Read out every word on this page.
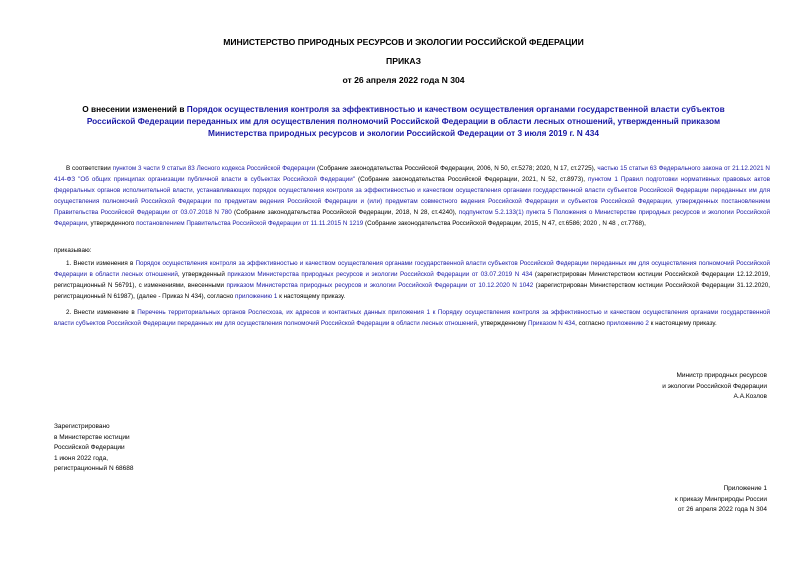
МИНИСТЕРСТВО ПРИРОДНЫХ РЕСУРСОВ И ЭКОЛОГИИ РОССИЙСКОЙ ФЕДЕРАЦИИ
ПРИКАЗ
от 26 апреля 2022 года N 304
О внесении изменений в Порядок осуществления контроля за эффективностью и качеством осуществления органами государственной власти субъектов Российской Федерации переданных им для осуществления полномочий Российской Федерации в области лесных отношений, утвержденный приказом Министерства природных ресурсов и экологии Российской Федерации от 3 июля 2019 г. N 434
В соответствии пунктом 3 части 9 статьи 83 Лесного кодекса Российской Федерации (Собрание законодательства Российской Федерации, 2006, N 50, ст.5278; 2020, N 17, ст.2725), частью 15 статьи 63 Федерального закона от 21.12.2021 N 414-ФЗ "Об общих принципах организации публичной власти в субъектах Российской Федерации" (Собрание законодательства Российской Федерации, 2021, N 52, ст.8973), пунктом 1 Правил подготовки нормативных правовых актов федеральных органов исполнительной власти, устанавливающих порядок осуществления контроля за эффективностью и качеством осуществления органами государственной власти субъектов Российской Федерации переданных им для осуществления полномочий Российской Федерации по предметам ведения Российской Федерации и (или) предметам совместного ведения Российской Федерации и субъектов Российской Федерации, утвержденных постановлением Правительства Российской Федерации от 03.07.2018 N 780 (Собрание законодательства Российской Федерации, 2018, N 28, ст.4240), подпунктом 5.2.133(1) пункта 5 Положения о Министерстве природных ресурсов и экологии Российской Федерации, утвержденного постановлением Правительства Российской Федерации от 11.11.2015 N 1219 (Собрание законодательства Российской Федерации, 2015, N 47, ст.6586; 2020 , N 48 , ст.7768),
приказываю:
1. Внести изменения в Порядок осуществления контроля за эффективностью и качеством осуществления органами государственной власти субъектов Российской Федерации переданных им для осуществления полномочий Российской Федерации в области лесных отношений, утвержденный приказом Министерства природных ресурсов и экологии Российской Федерации от 03.07.2019 N 434 (зарегистрирован Министерством юстиции Российской Федерации 12.12.2019, регистрационный N 56791), с изменениями, внесенными приказом Министерства природных ресурсов и экологии Российской Федерации от 10.12.2020 N 1042 (зарегистрирован Министерством юстиции Российской Федерации 31.12.2020, регистрационный N 61987), (далее - Приказ N 434), согласно приложению 1 к настоящему приказу.
2. Внести изменение в Перечень территориальных органов Рослесхоза, их адресов и контактных данных приложения 1 к Порядку осуществления контроля за эффективностью и качеством осуществления органами государственной власти субъектов Российской Федерации переданных им для осуществления полномочий Российской Федерации в области лесных отношений, утвержденному Приказом N 434, согласно приложению 2 к настоящему приказу.
Министр природных ресурсов
и экологии Российской Федерации
А.А.Козлов
Зарегистрировано
в Министерстве юстиции
Российской Федерации
1 июня 2022 года,
регистрационный N 68688
Приложение 1
к приказу Минприроды России
от 26 апреля 2022 года N 304
